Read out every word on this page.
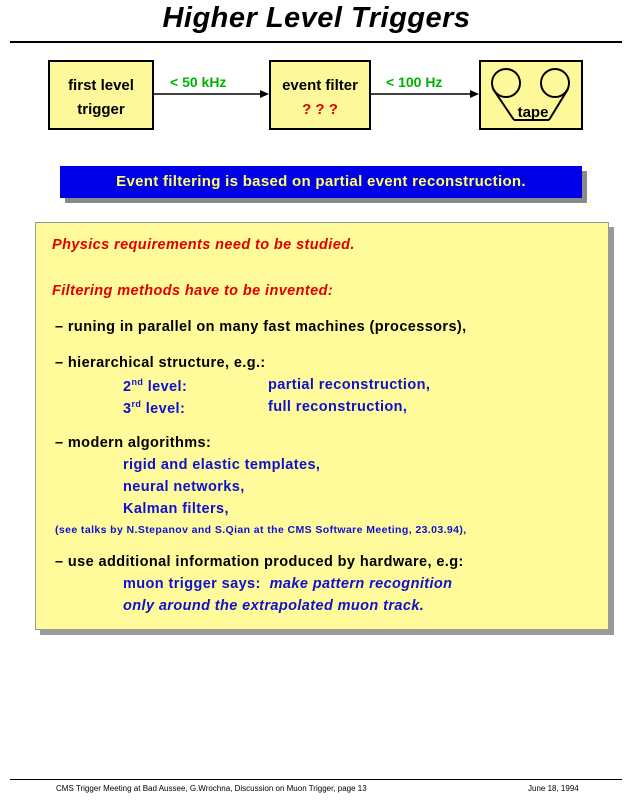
Higher Level Triggers
first level
trigger
event filter
? ? ?	tape
< 50 kHz	< 100 Hz
Event filtering is based on partial event reconstruction.
Physics requirements need to be studied.
Filtering methods have to be invented:
– runing in parallel on many fast machines (processors),
– hierarchical structure, e.g.:
2nd level:	partial reconstruction,
3rd level:	full reconstruction,
– modern algorithms:
rigid and elastic templates,
neural networks,
Kalman filters,
(see talks by N.Stepanov and S.Qian at the CMS Software Meeting, 23.03.94),
– use additional information produced by hardware, e.g:
muon trigger says: make pattern recognition
only around the extrapolated muon track.
CMS Trigger Meeting at Bad Aussee, G.Wrochna, Discussion on Muon Trigger, page 13	June 18, 1994
